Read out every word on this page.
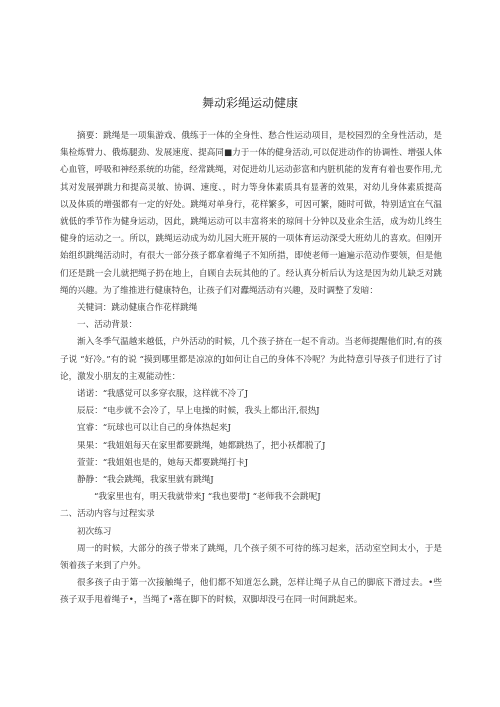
舞动彩绳运动健康

摘要：跳绳是一项集游戏、俄练于一体的全身性、愁合性运动项目，是校园烈的全身性活动，是集检炼臂力、俄炼腿劲、发展速度、提高同■力于一体的健身活动,可以促进动作的协调性、增强人体心血管，呼吸和神经系统的功能，经常跳绳，对促进幼儿运动彭富和内脏机能的发育有着也要作用,尤其对发展弹跳力和提高灵敏、协调、速度、，时力等身体素质具有显著的效果，对幼儿身体素质提高以及体质的增强都有一定的好处。跳绳对单身行，花样繁多，可因可繁，随时可做，特别适宜在气温就低的季节作为健身运动，因此，跳绳运动可以丰富将来的琼间十分钟以及业余生活，成为幼儿终生健身的运动之一。所以，跳绳运动成为幼儿园大班开展的一项体育运动深受大班幼儿的喜欢。但刚开始组织跳绳活动时，有很大一部分孩子都拿着绳子不知所措，即使老师一遍遍示范动作要领，但是他们还是跳一会儿就把绳子扔在地上，自顾自去玩其他的了。经认真分析后认为这是因为幼儿缺乏对跳绳的兴趣。为了维推进行健康特色，让孩子们对蠹绳活动有兴趣，及时调整了发暗：

关犍词：跳动健康合作花样跳绳

一、活动背景：

渐入冬季气温越来越低，户外活动的时候，几个孩子挤在一起不肯动。当老师提醒他们时,有的孩子说 “好冷。”有的说 “摸到哪里都是凉凉的J如何让自己的身体不冷呢？为此特意引导孩子们进行了讨论，激发小朋友的主观能动性：

诺诺：“我感觉可以多穿衣服，这样就不冷了J

辰辰：“电步就不会冷了，早上电操的时候，我头上都出汗,很热J

宜睿：“玩球也可以让自己的身体热起来J

果果：“我姐姐每天在家里都要跳绳，她都跳热了，把小袄都脱了J

萱萱：“我姐姐也是的，她每天都要跳绳打卡J

静静：“我会跳绳，我家里就有跳绳J

“我家里也有，明天我就带来J “我也要带J “老师我不会跳呢J

二、活动内容与过程实录

初次练习

周一的时候，大部分的孩子带来了跳绳，几个孩子须不可待的练习起来，活动室空间太小，于是领着孩子来到了户外。

很多孩子由于第一次接触绳子，他们都不知道怎么跳，怎样让绳子从自己的脚底下滑过去。•些孩子双手甩着绳子•，当绳了•落在脚下的时候，双脚却没弓在同一时间跳起来。
